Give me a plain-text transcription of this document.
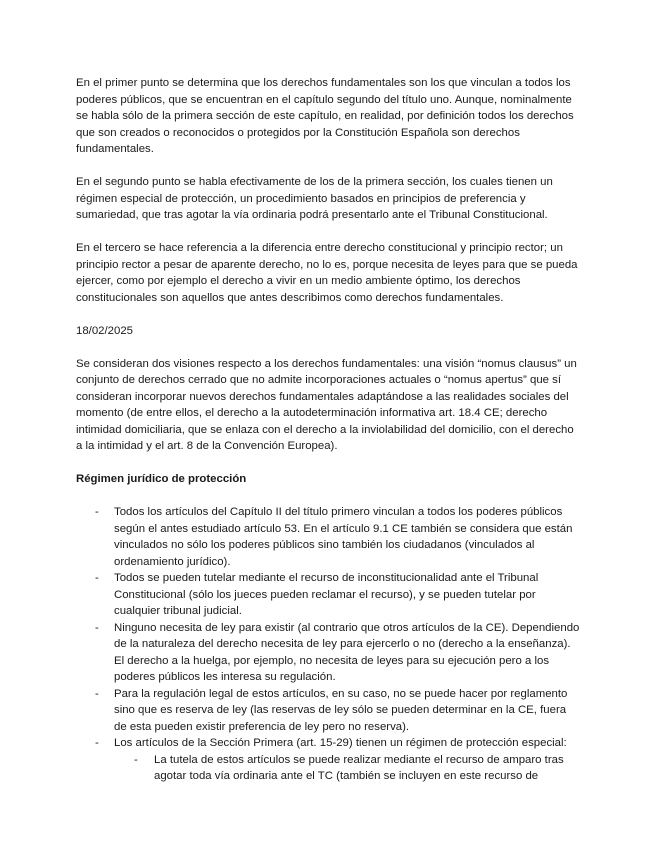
En el primer punto se determina que los derechos fundamentales son los que vinculan a todos los poderes públicos, que se encuentran en el capítulo segundo del título uno. Aunque, nominalmente se habla sólo de la primera sección de este capítulo, en realidad, por definición todos los derechos que son creados o reconocidos o protegidos por la Constitución Española son derechos fundamentales.

En el segundo punto se habla efectivamente de los de la primera sección, los cuales tienen un régimen especial de protección, un procedimiento basados en principios de preferencia y sumariedad, que tras agotar la vía ordinaria podrá presentarlo ante el Tribunal Constitucional.

En el tercero se hace referencia a la diferencia entre derecho constitucional y principio rector; un principio rector a pesar de aparente derecho, no lo es, porque necesita de leyes para que se pueda ejercer, como por ejemplo el derecho a vivir en un medio ambiente óptimo, los derechos constitucionales son aquellos que antes describimos como derechos fundamentales.

18/02/2025

Se consideran dos visiones respecto a los derechos fundamentales: una visión “nomus clausus” un conjunto de derechos cerrado que no admite incorporaciones actuales o “nomus apertus” que sí consideran incorporar nuevos derechos fundamentales adaptándose a las realidades sociales del momento (de entre ellos, el derecho a la autodeterminación informativa art. 18.4 CE; derecho intimidad domiciliaria, que se enlaza con el derecho a la inviolabilidad del domicilio, con el derecho a la intimidad y el art. 8 de la Convención Europea).

Régimen jurídico de protección
- Todos los artículos del Capítulo II del título primero vinculan a todos los poderes públicos según el antes estudiado artículo 53. En el artículo 9.1 CE también se considera que están vinculados no sólo los poderes públicos sino también los ciudadanos (vinculados al ordenamiento jurídico).
- Todos se pueden tutelar mediante el recurso de inconstitucionalidad ante el Tribunal Constitucional (sólo los jueces pueden reclamar el recurso), y se pueden tutelar por cualquier tribunal judicial.
- Ninguno necesita de ley para existir (al contrario que otros artículos de la CE). Dependiendo de la naturaleza del derecho necesita de ley para ejercerlo o no (derecho a la enseñanza). El derecho a la huelga, por ejemplo, no necesita de leyes para su ejecución pero a los poderes públicos les interesa su regulación.
- Para la regulación legal de estos artículos, en su caso, no se puede hacer por reglamento sino que es reserva de ley (las reservas de ley sólo se pueden determinar en la CE, fuera de esta pueden existir preferencia de ley pero no reserva).
- Los artículos de la Sección Primera (art. 15-29) tienen un régimen de protección especial:
- La tutela de estos artículos se puede realizar mediante el recurso de amparo tras agotar toda vía ordinaria ante el TC (también se incluyen en este recurso de
